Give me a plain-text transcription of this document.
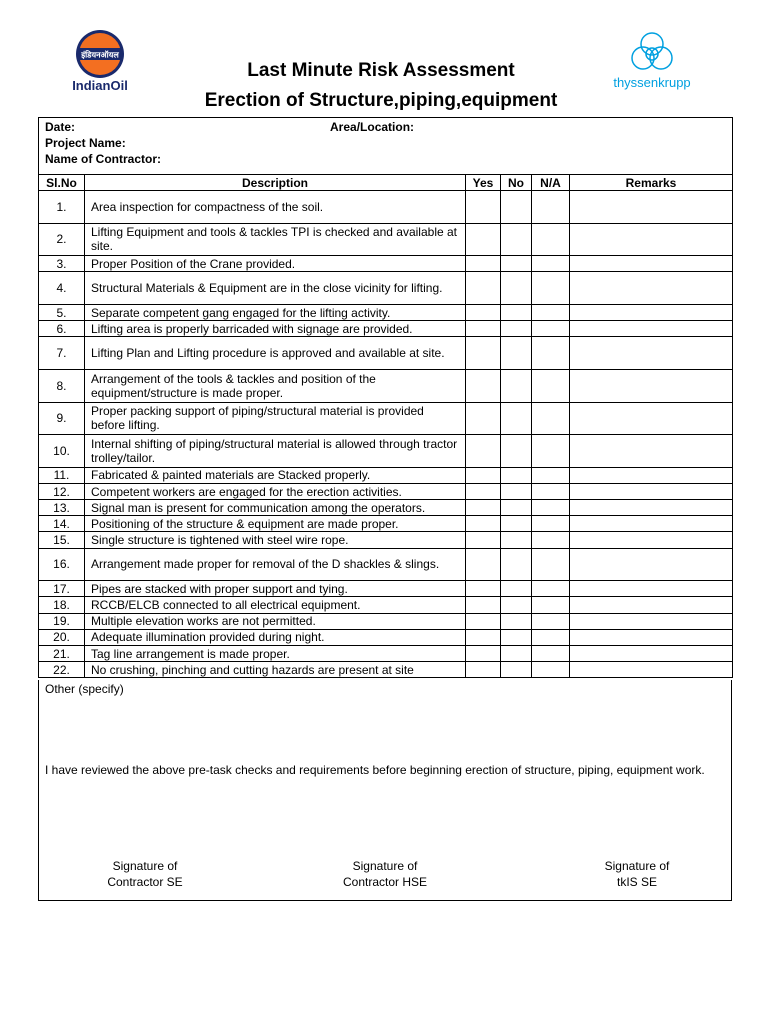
इंडियनऑयल
IndianOil	thyssenkrupp
Last Minute Risk Assessment
Erection of Structure,piping,equipment
Date: Area/Location:
Project Name:
Name of Contractor:					

Sl.No	Description	Yes	No	N/A	Remarks
1.	Area inspection for compactness of the soil.				
2.	Lifting Equipment and tools & tackles TPI is checked and available at site.				
3.	Proper Position of the Crane provided.				
4.	Structural Materials & Equipment are in the close vicinity for lifting.				
5.	Separate competent gang engaged for the lifting activity.				
6.	Lifting area is properly barricaded with signage are provided.				
7.	Lifting Plan and Lifting procedure is approved and available at site.				
8.	Arrangement of the tools & tackles and position of the equipment/structure is made proper.				
9.	Proper packing support of piping/structural material is provided before lifting.				
10.	Internal shifting of piping/structural material is allowed through tractor trolley/tailor.				
11.	Fabricated & painted materials are Stacked properly.				
12.	Competent workers are engaged for the erection activities.				
13.	Signal man is present for communication among the operators.				
14.	Positioning of the structure & equipment are made proper.				
15.	Single structure is tightened with steel wire rope.				
16.	Arrangement made proper for removal of the D shackles & slings.				
17.	Pipes are stacked with proper support and tying.				
18.	RCCB/ELCB connected to all electrical equipment.				
19.	Multiple elevation works are not permitted.				
20.	Adequate illumination provided during night.				
21.	Tag line arrangement is made proper.				
22.	No crushing, pinching and cutting hazards are present at site				
Other (specify)
I have reviewed the above pre-task checks and requirements before beginning erection of structure, piping, equipment work.
Signature of
Contractor SE
Signature of
Contractor HSE
Signature of
tkIS SE
